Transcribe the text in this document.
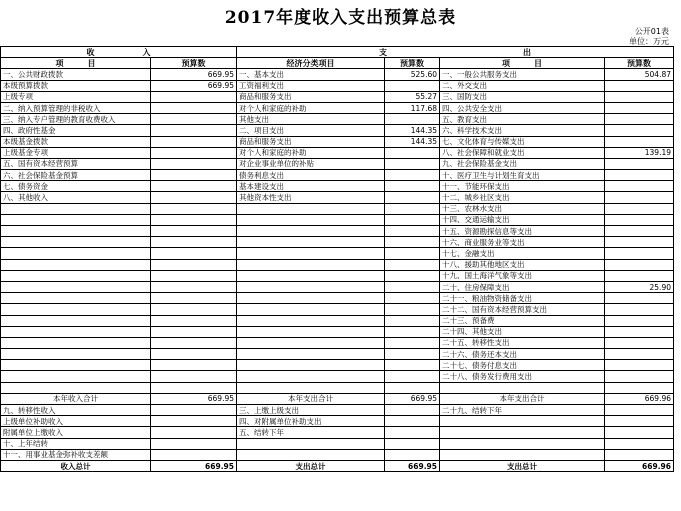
2017年度收入支出预算总表
公开01表
单位：万元
收　　　　　　入		支　　　　　　　　　　　　　　　　　出			
项　　　目	预算数	经济分类项目	预算数	项　　　目	预算数
一、公共财政拨款	669.95	一、基本支出	525.60	一、一般公共服务支出	504.87
本级预算拨款	669.95	工资福利支出		二、外交支出	
上级专项		商品和服务支出	55.27	三、国防支出	
二、纳入预算管理的非税收入		对个人和家庭的补助	117.68	四、公共安全支出	
三、纳入专户管理的教育收费收入		其他支出		五、教育支出	
四、政府性基金		二、项目支出	144.35	六、科学技术支出	
本级基金拨款		商品和服务支出	144.35	七、文化体育与传媒支出	
上级基金专项		对个人和家庭的补助		八、社会保障和就业支出	139.19
五、国有资本经营预算		对企业事业单位的补贴		九、社会保险基金支出	
六、社会保险基金预算		债务利息支出		十、医疗卫生与计划生育支出	
七、债务资金		基本建设支出		十一、节能环保支出	
八、其他收入		其他资本性支出		十二、城乡社区支出	
				十三、农林水支出	
				十四、交通运输支出	
				十五、资源勘探信息等支出	
				十六、商业服务业等支出	
				十七、金融支出	
				十八、援助其他地区支出	
				十九、国土海洋气象等支出	
				二十、住房保障支出	25.90
				二十一、粮油物资储备支出	
				二十二、国有资本经营预算支出	
				二十三、预备费	
				二十四、其他支出	
				二十五、转移性支出	
				二十六、债务还本支出	
				二十七、债务付息支出	
				二十八、债务发行费用支出	

本年收入合计	669.95	本年支出合计	669.95	本年支出合计	669.96
九、转移性收入		三、上缴上级支出		二十九、结转下年	
上级单位补助收入		四、对附属单位补助支出			
附属单位上缴收入		五、结转下年			
十、上年结转					
十一、用事业基金弥补收支差额					
收入总计	669.95	支出总计	669.95	支出总计	669.96
